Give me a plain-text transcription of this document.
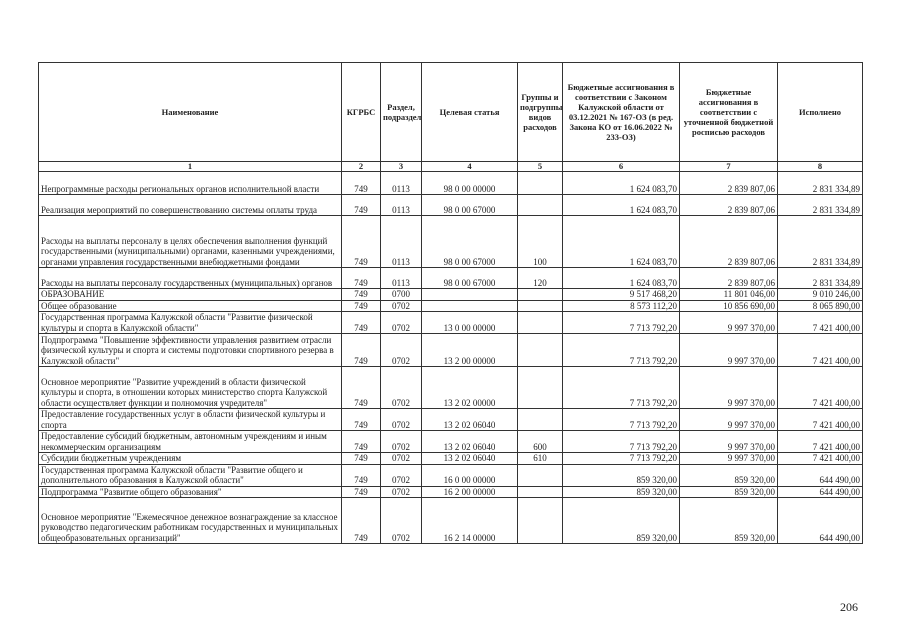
Наименование	КГРБС	Раздел, подраздел	Целевая статья	Группы и подгруппы видов расходов	Бюджетные ассигнования в соответствии с Законом Калужской области от 03.12.2021 № 167-ОЗ (в ред. Закона КО от 16.06.2022 № 233-ОЗ)	Бюджетные ассигнования в соответствии с уточненной бюджетной росписью расходов	Исполнено
1	2	3	4	5	6	7	8
Непрограммные расходы региональных органов исполнительной власти	749	0113	98 0 00 00000		1 624 083,70	2 839 807,06	2 831 334,89
Реализация мероприятий по совершенствованию системы оплаты труда	749	0113	98 0 00 67000		1 624 083,70	2 839 807,06	2 831 334,89
Расходы на выплаты персоналу в целях обеспечения выполнения функций государственными (муниципальными) органами, казенными учреждениями, органами управления государственными внебюджетными фондами	749	0113	98 0 00 67000	100	1 624 083,70	2 839 807,06	2 831 334,89
Расходы на выплаты персоналу государственных (муниципальных) органов	749	0113	98 0 00 67000	120	1 624 083,70	2 839 807,06	2 831 334,89
ОБРАЗОВАНИЕ	749	0700			9 517 468,20	11 801 046,00	9 010 246,00
Общее образование	749	0702			8 573 112,20	10 856 690,00	8 065 890,00
Государственная программа Калужской области "Развитие физической культуры и спорта в Калужской области"	749	0702	13 0 00 00000		7 713 792,20	9 997 370,00	7 421 400,00
Подпрограмма "Повышение эффективности управления развитием отрасли физической культуры и спорта и системы подготовки спортивного резерва в Калужской области"	749	0702	13 2 00 00000		7 713 792,20	9 997 370,00	7 421 400,00
Основное мероприятие "Развитие учреждений в области физической культуры и спорта, в отношении которых министерство спорта Калужской области осуществляет функции и полномочия учредителя"	749	0702	13 2 02 00000		7 713 792,20	9 997 370,00	7 421 400,00
Предоставление государственных услуг в области физической культуры и спорта	749	0702	13 2 02 06040		7 713 792,20	9 997 370,00	7 421 400,00
Предоставление субсидий бюджетным, автономным учреждениям и иным некоммерческим организациям	749	0702	13 2 02 06040	600	7 713 792,20	9 997 370,00	7 421 400,00
Субсидии бюджетным учреждениям	749	0702	13 2 02 06040	610	7 713 792,20	9 997 370,00	7 421 400,00
Государственная программа Калужской области "Развитие общего и дополнительного образования в Калужской области"	749	0702	16 0 00 00000		859 320,00	859 320,00	644 490,00
Подпрограмма "Развитие общего образования"	749	0702	16 2 00 00000		859 320,00	859 320,00	644 490,00
Основное мероприятие "Ежемесячное денежное вознаграждение за классное руководство педагогическим работникам государственных и муниципальных общеобразовательных организаций"	749	0702	16 2 14 00000		859 320,00	859 320,00	644 490,00
206
